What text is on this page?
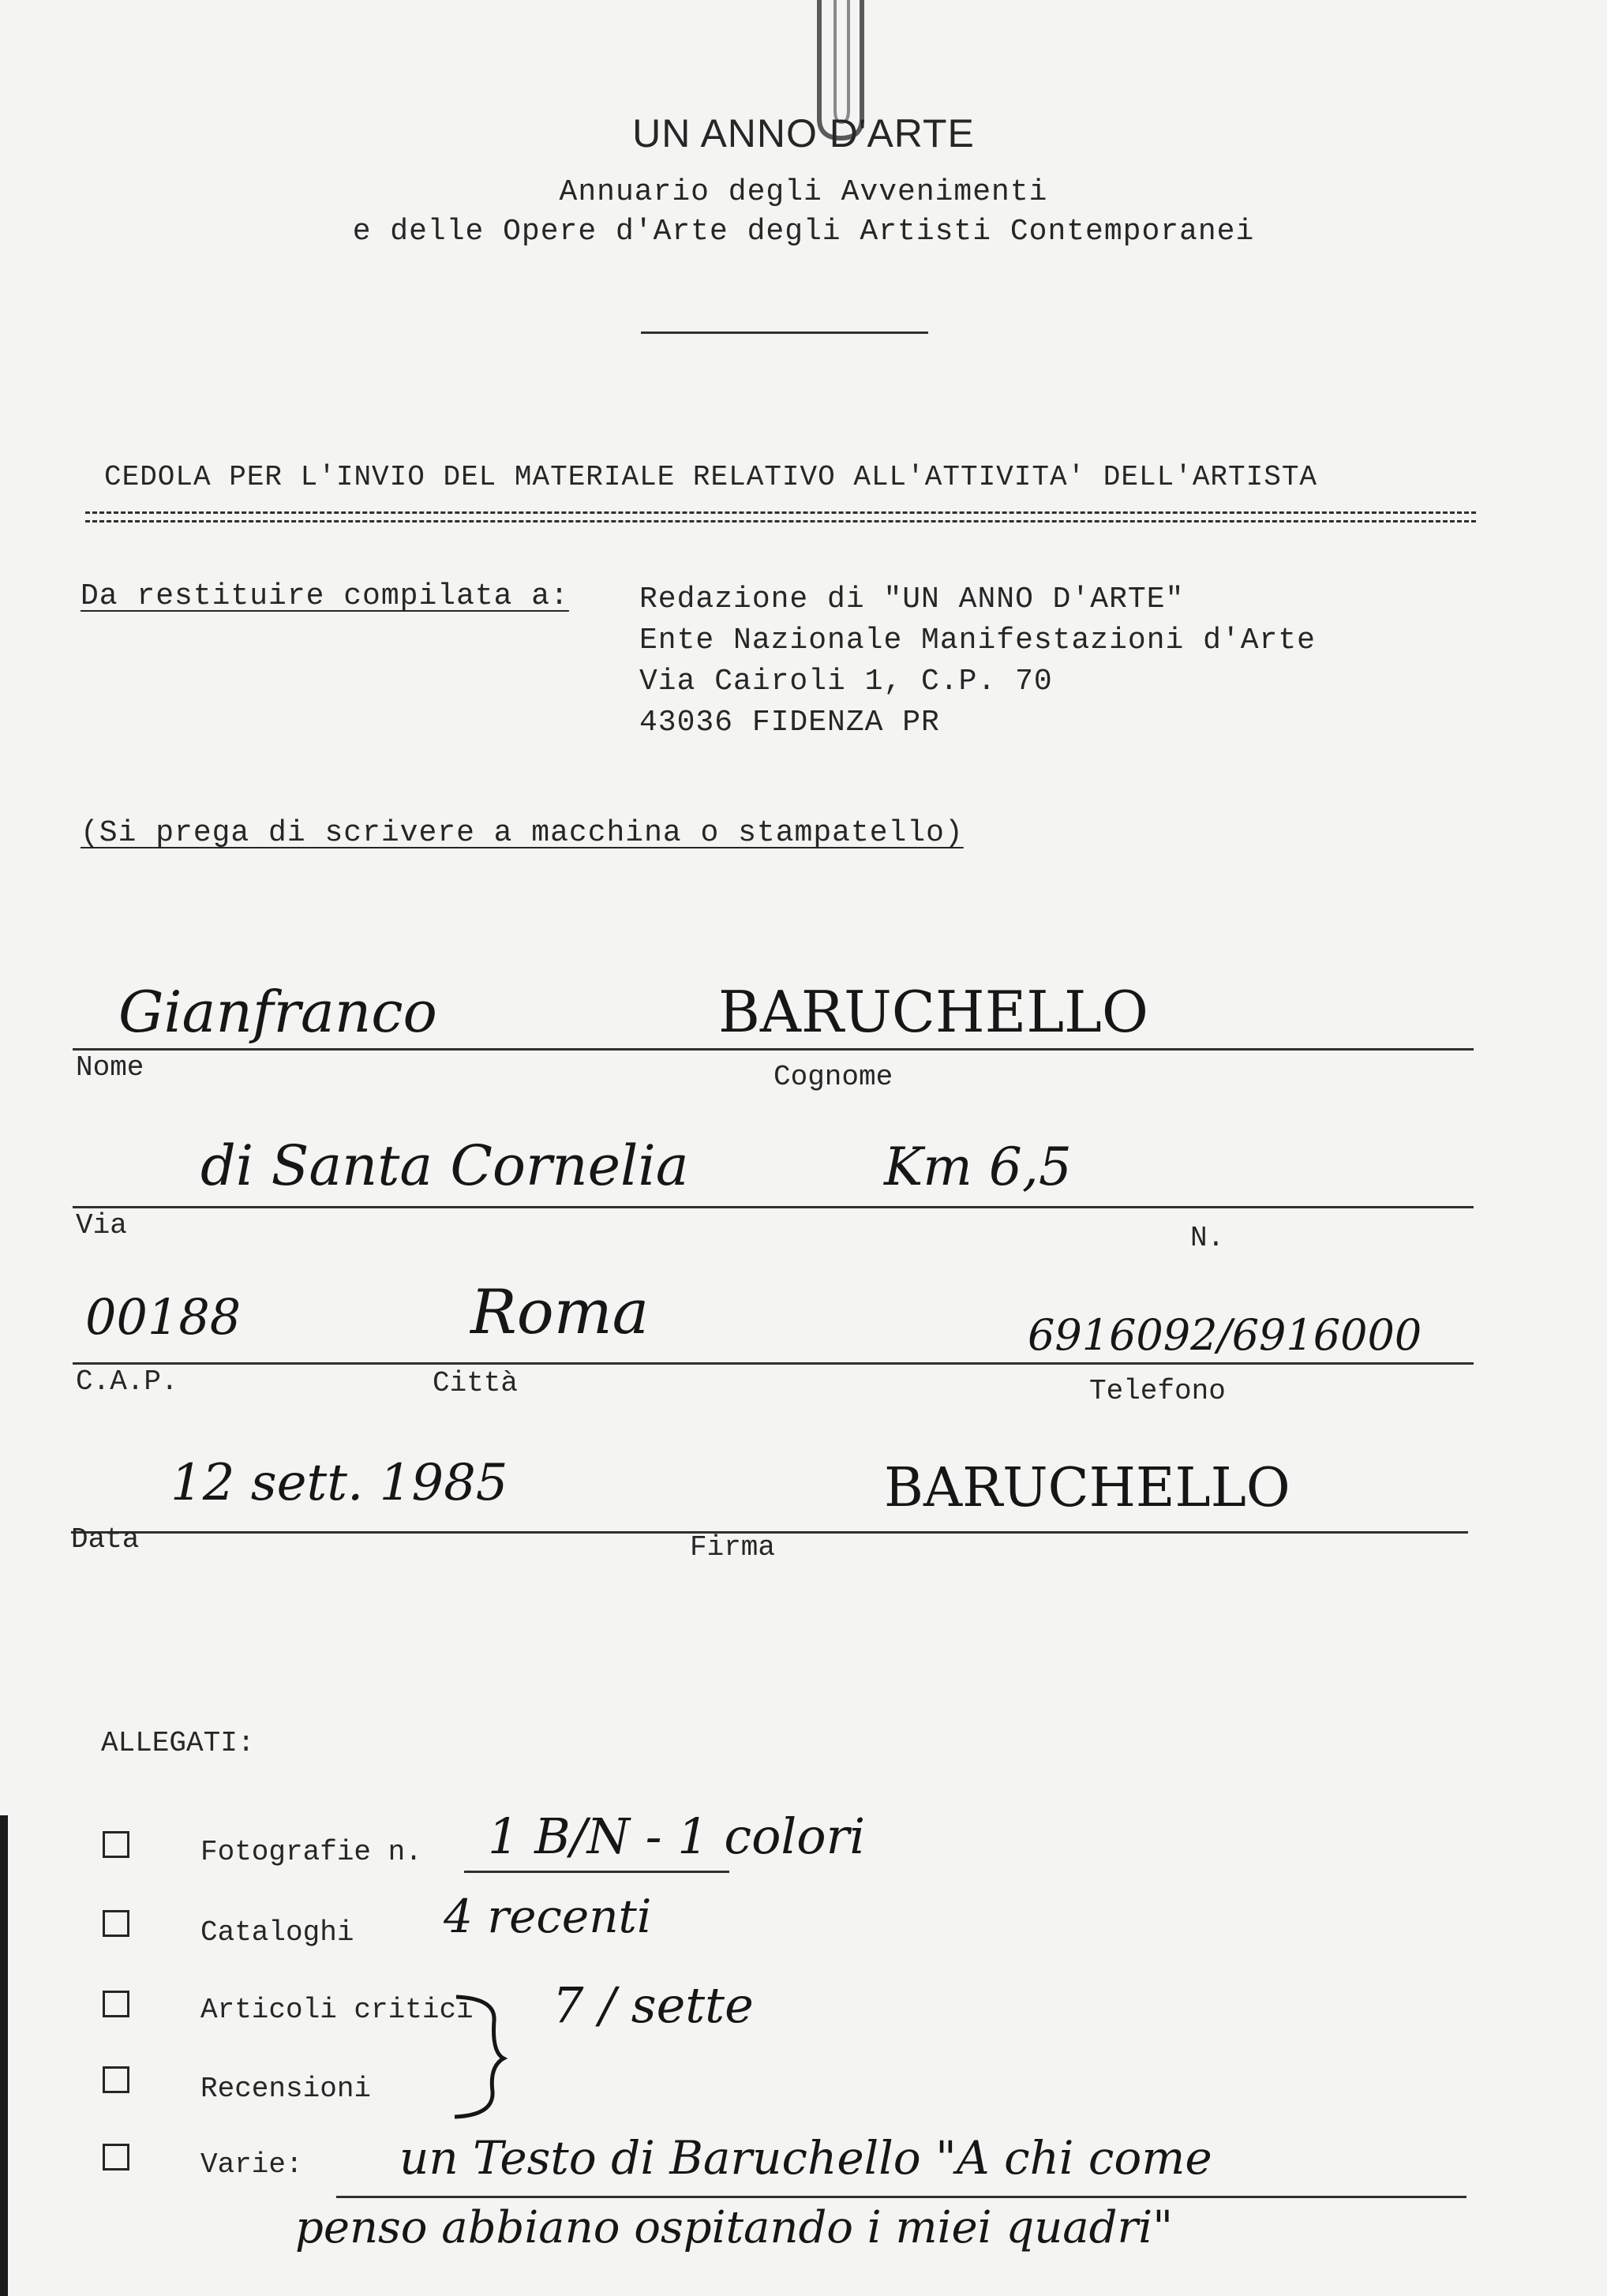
UN ANNO D'ARTE
Annuario degli Avvenimenti
e delle Opere d'Arte degli Artisti Contemporanei
CEDOLA PER L'INVIO DEL MATERIALE RELATIVO ALL'ATTIVITA' DELL'ARTISTA
Da restituire compilata a: Redazione di "UN ANNO D'ARTE"
Ente Nazionale Manifestazioni d'Arte
Via Cairoli 1, C.P. 70
43036 FIDENZA PR
(Si prega di scrivere a macchina o stampatello)
Gianfranco	BARUCHELLO
Nome	Cognome
di Santa Cornelia	Km 6,5
Via	N.
00188	Roma	6916092/6916000
C.A.P.	Città	Telefono
12 sett. 1985	BARUCHELLO
Data	Firma
ALLEGATI:
Fotografie n. 1 B/N - 1 colori
Cataloghi 4 recenti
Articoli critici 7 / sette
Recensioni
Varie: un Testo di Baruchello "A chi come
penso abbiano ospitando i miei quadri"
